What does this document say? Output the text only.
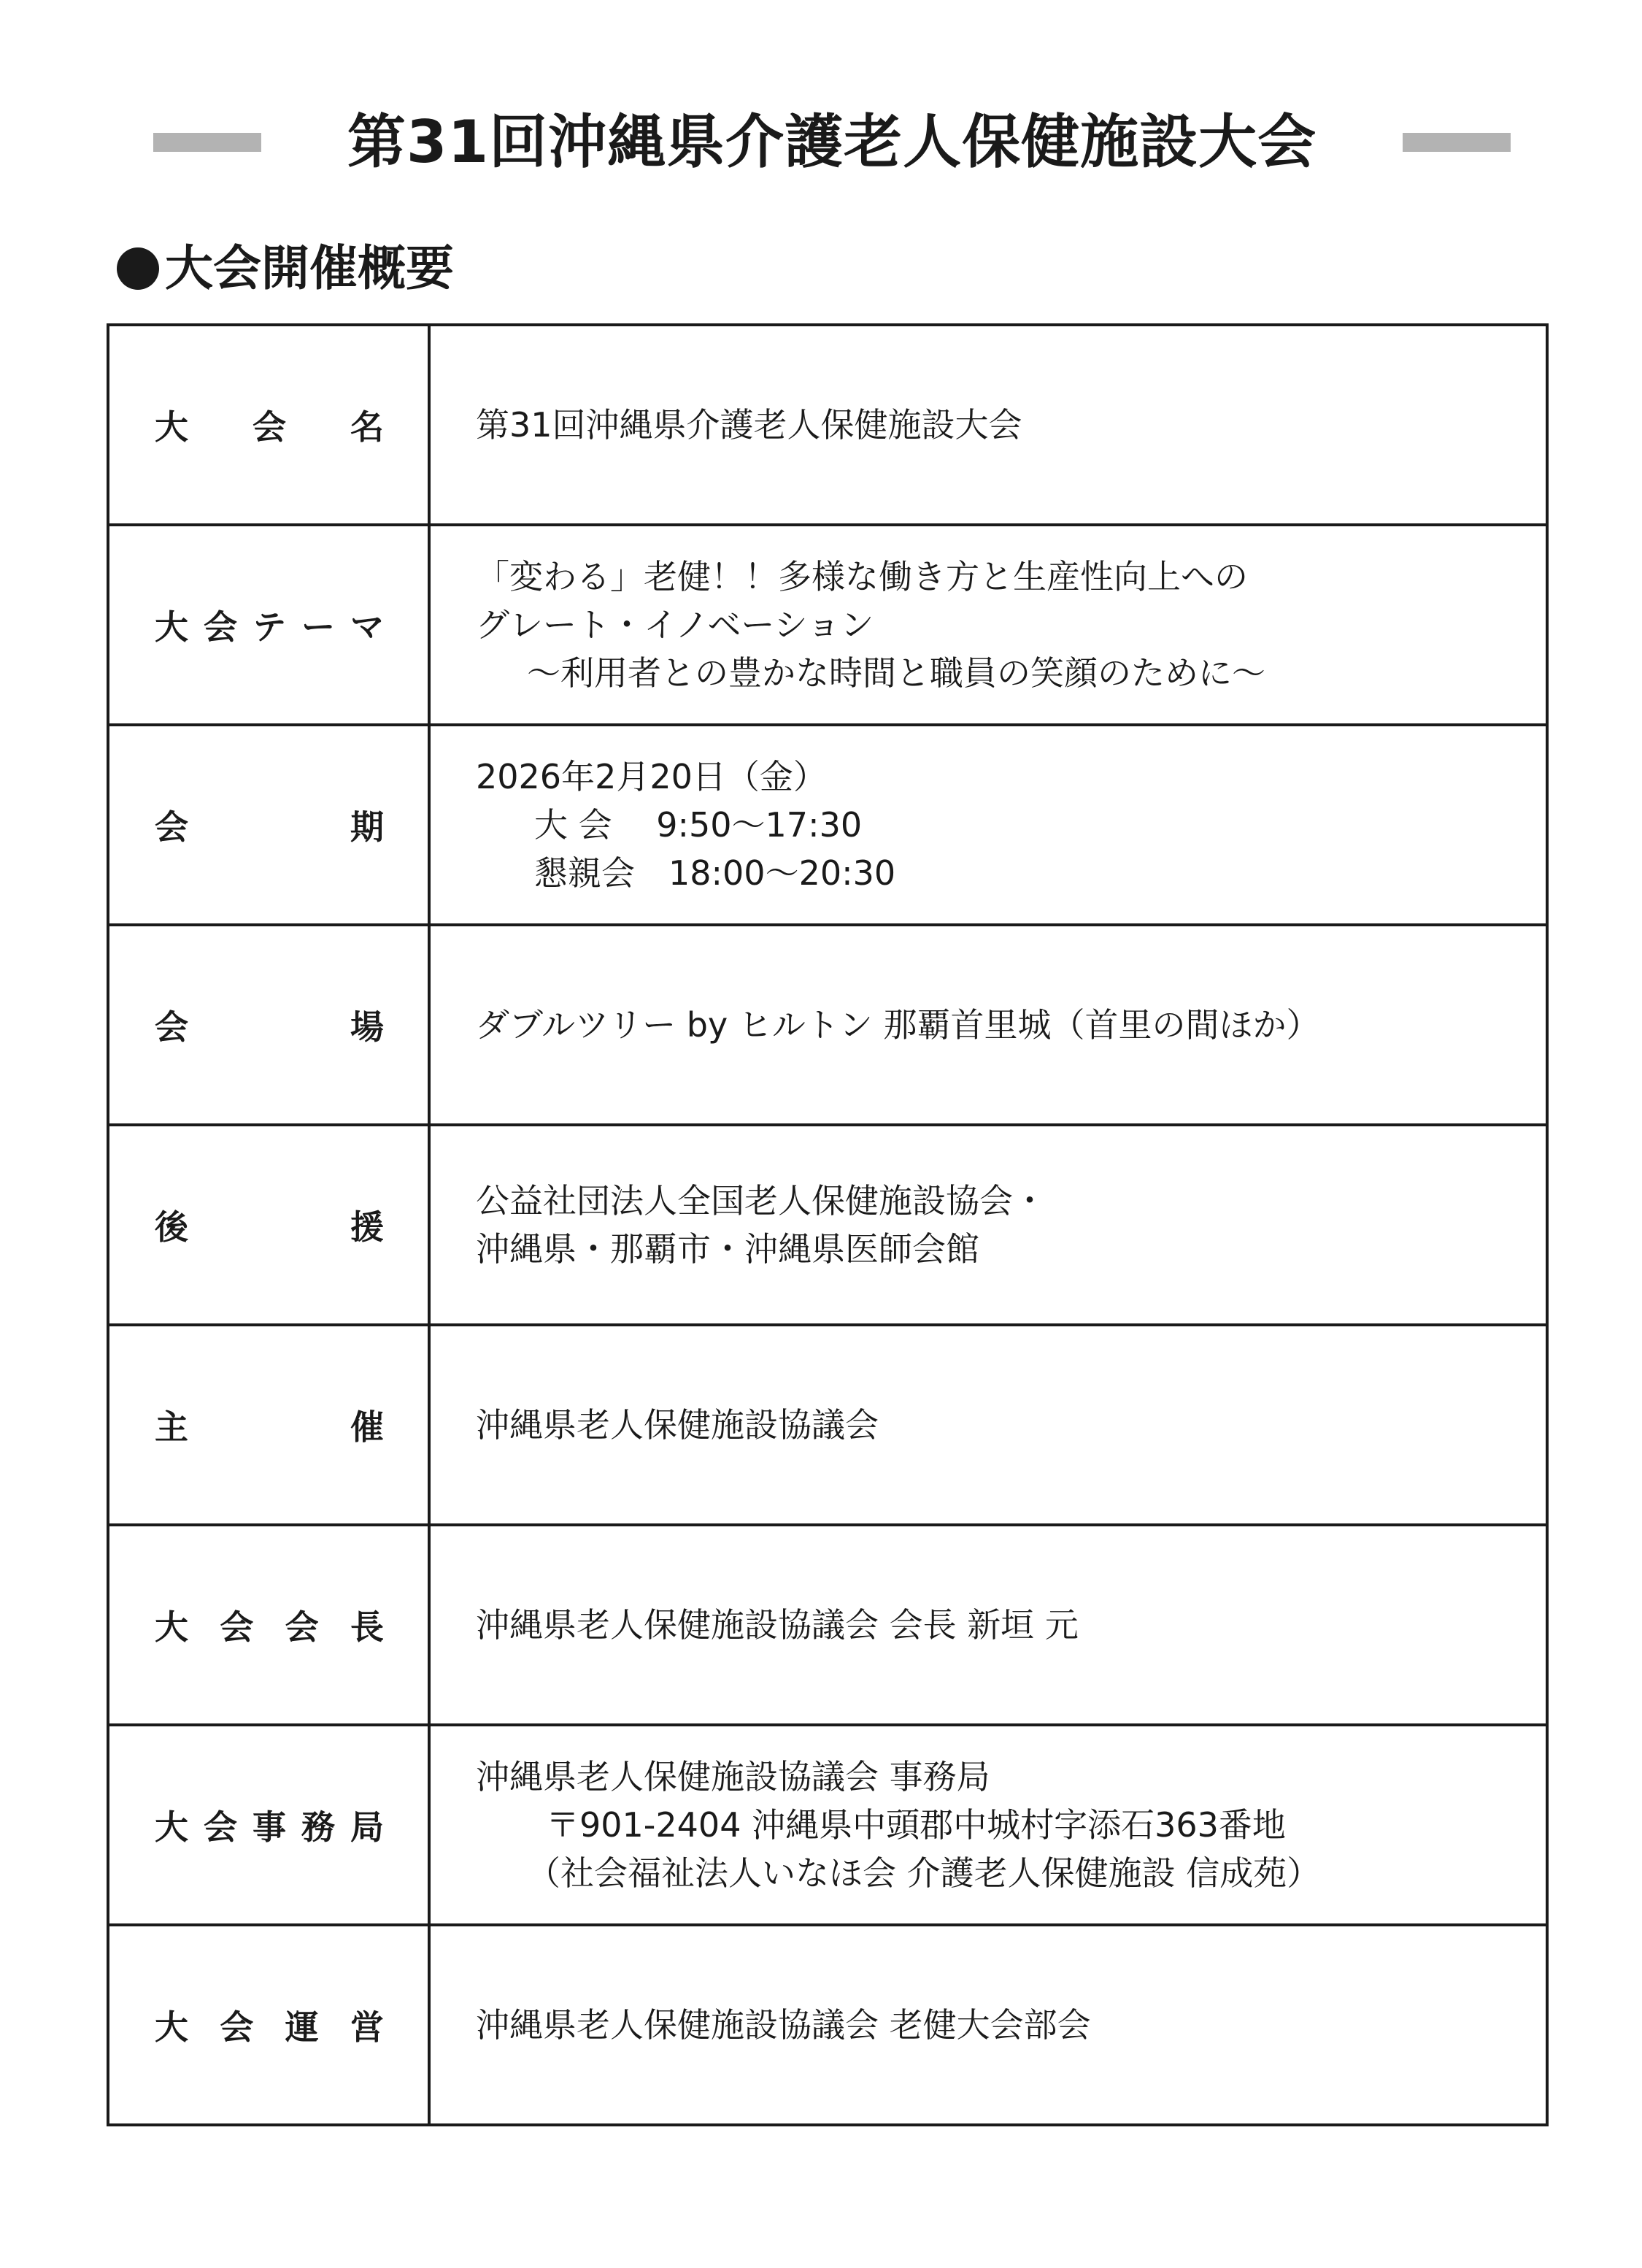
第31回沖縄県介護老人保健施設大会
大会開催概要
大会名	第31回沖縄県介護老人保健施設大会

大会テーマ	「変わる」老健！！多様な働き方と生産性向上への
グレート・イノベーション
～利用者との豊かな時間と職員の笑顔のために～

会期	2026年2月20日（金）
大 会　 9:50～17:30
懇親会　18:00～20:30

会場	ダブルツリー by ヒルトン 那覇首里城（首里の間ほか）

後援	公益社団法人全国老人保健施設協会・
沖縄県・那覇市・沖縄県医師会館

主催	沖縄県老人保健施設協議会

大会会長	沖縄県老人保健施設協議会 会長 新垣 元

大会事務局	沖縄県老人保健施設協議会 事務局
〒901-2404 沖縄県中頭郡中城村字添石363番地
（社会福祉法人いなほ会 介護老人保健施設 信成苑）

大会運営	沖縄県老人保健施設協議会 老健大会部会
